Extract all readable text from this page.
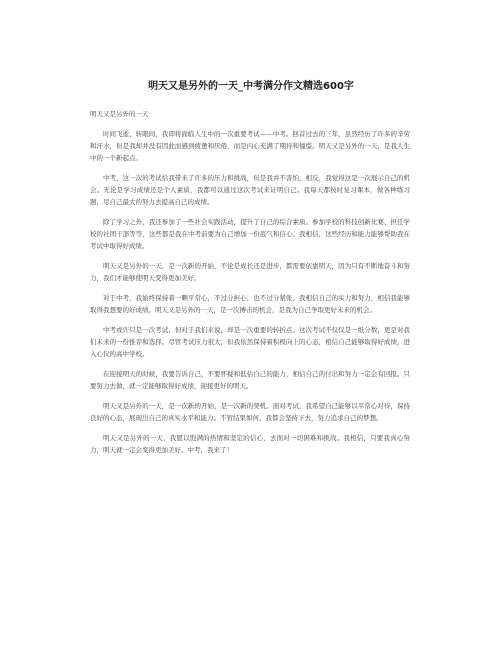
明天又是另外的一天_中考满分作文精选600字

明天又是另外的一天

时间飞逝，转眼间，我即将面临人生中的一次重要考试——中考。回首过去的三年，虽然经历了许多的辛劳和汗水，但是我却并没有因此而感到疲惫和厌倦，而是内心充满了期待和憧憬。明天又是另外的一天，是我人生中的一个新起点。

中考，这一次的考试给我带来了许多的压力和挑战，但是我并不害怕，相反，我觉得这是一次展示自己的机会。无论是学习成绩还是个人素质，我都可以通过这次考试来证明自己。我每天都按时复习课本，做各种练习题，尽自己最大的努力去提高自己的成绩。

除了学习之外，我还参加了一些社会实践活动，提升了自己的综合素质。参加学校的科技创新比赛、担任学校的社团干部等等，这些都是我在中考前要为自己增加一份底气和信心。我相信，这些经历和能力能够帮助我在考试中取得好成绩。

明天又是另外的一天，是一次新的开始，不论是成长还是进步，都需要依靠明天，因为只有不断地奋斗和努力，我们才能够使明天变得更加美好。

对于中考，我始终保持着一颗平常心，不过分担心，也不过分紧张。我相信自己的实力和努力，相信我能够取得我想要的好成绩。明天又是另外的一天，是一次搏击的机会，是我为自己争取更好未来的机会。

中考或许只是一次考试，但对于我们来说，却是一次重要的转折点。这次考试不仅仅是一纸分数，更是对我们未来的一份推荐和选择。尽管考试压力很大，但我依然保持着积极向上的心态，相信自己能够取得好成绩，进入心仪的高中学校。

在迎接明天的时候，我要告诉自己，不要怀疑和低估自己的能力，相信自己的付出和努力一定会有回报。只要努力去做，就一定能够取得好成绩，迎接更好的明天。

明天又是另外的一天，是一次新的开始，是一次新的契机。面对考试，我希望自己能够以平常心对待，保持良好的心态，展现出自己的真实水平和能力。不管结果如何，我都会坚持下去，努力追求自己的梦想。

明天又是另外的一天，我愿以饱满的热情和坚定的信心，去面对一切困难和挑战。我相信，只要我真心努力，明天就一定会变得更加美好。中考，我来了！
